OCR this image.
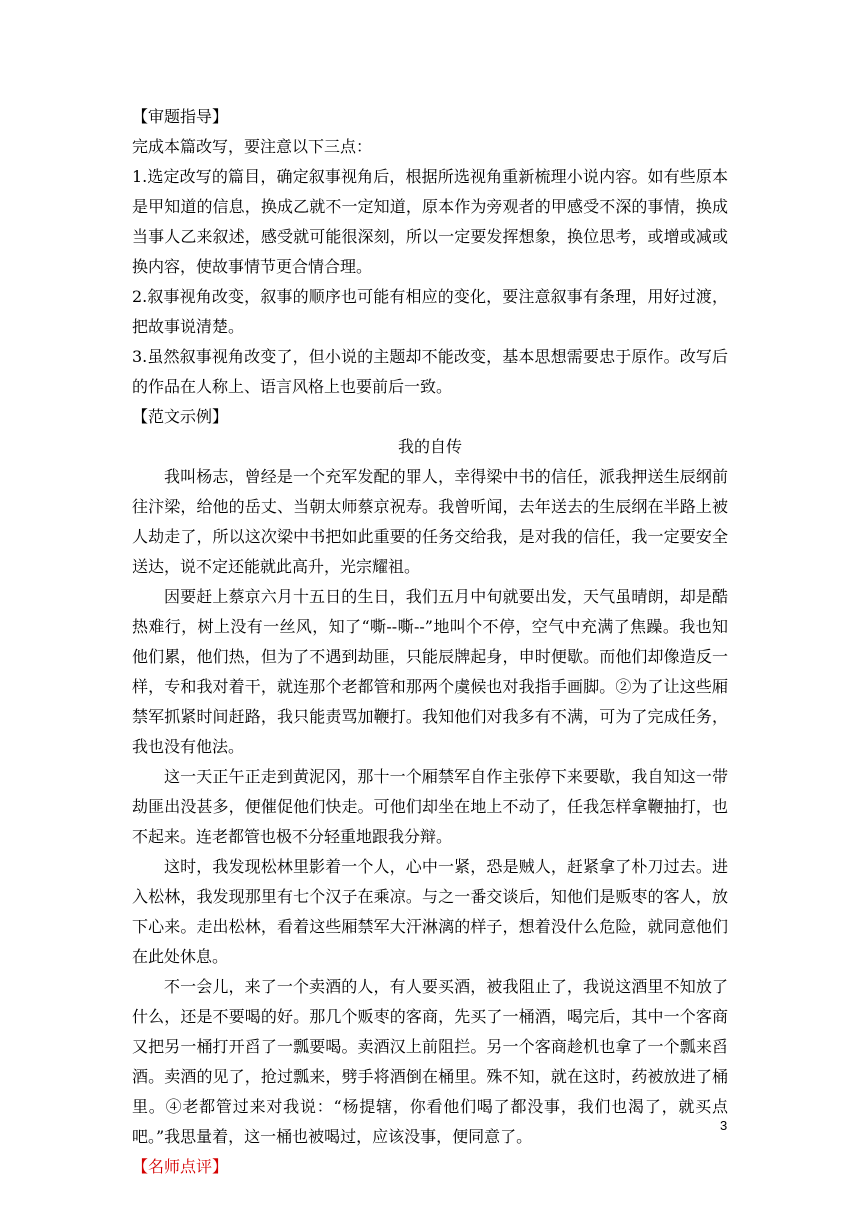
【审题指导】

完成本篇改写，要注意以下三点：

1.选定改写的篇目，确定叙事视角后，根据所选视角重新梳理小说内容。如有些原本是甲知道的信息，换成乙就不一定知道，原本作为旁观者的甲感受不深的事情，换成当事人乙来叙述，感受就可能很深刻，所以一定要发挥想象，换位思考，或增或减或换内容，使故事情节更合情合理。

2.叙事视角改变，叙事的顺序也可能有相应的变化，要注意叙事有条理，用好过渡，把故事说清楚。

3.虽然叙事视角改变了，但小说的主题却不能改变，基本思想需要忠于原作。改写后的作品在人称上、语言风格上也要前后一致。

【范文示例】

我的自传

我叫杨志，曾经是一个充军发配的罪人，幸得梁中书的信任，派我押送生辰纲前往汴梁，给他的岳丈、当朝太师蔡京祝寿。我曾听闻，去年送去的生辰纲在半路上被人劫走了，所以这次梁中书把如此重要的任务交给我，是对我的信任，我一定要安全送达，说不定还能就此高升，光宗耀祖。

因要赶上蔡京六月十五日的生日，我们五月中旬就要出发，天气虽晴朗，却是酷热难行，树上没有一丝风，知了“嘶--嘶--”地叫个不停，空气中充满了焦躁。我也知他们累，他们热，但为了不遇到劫匪，只能辰牌起身，申时便歇。而他们却像造反一样，专和我对着干，就连那个老都管和那两个虞候也对我指手画脚。②为了让这些厢禁军抓紧时间赶路，我只能责骂加鞭打。我知他们对我多有不满，可为了完成任务，我也没有他法。

这一天正午正走到黄泥冈，那十一个厢禁军自作主张停下来要歇，我自知这一带劫匪出没甚多，便催促他们快走。可他们却坐在地上不动了，任我怎样拿鞭抽打，也不起来。连老都管也极不分轻重地跟我分辩。

这时，我发现松林里影着一个人，心中一紧，恐是贼人，赶紧拿了朴刀过去。进入松林，我发现那里有七个汉子在乘凉。与之一番交谈后，知他们是贩枣的客人，放下心来。走出松林，看着这些厢禁军大汗淋漓的样子，想着没什么危险，就同意他们在此处休息。

不一会儿，来了一个卖酒的人，有人要买酒，被我阻止了，我说这酒里不知放了什么，还是不要喝的好。那几个贩枣的客商，先买了一桶酒，喝完后，其中一个客商又把另一桶打开舀了一瓢要喝。卖酒汉上前阻拦。另一个客商趁机也拿了一个瓢来舀酒。卖酒的见了，抢过瓢来，劈手将酒倒在桶里。殊不知，就在这时，药被放进了桶里。④老都管过来对我说：“杨提辖，你看他们喝了都没事，我们也渴了，就买点吧。”我思量着，这一桶也被喝过，应该没事，便同意了。

【名师点评】

3
